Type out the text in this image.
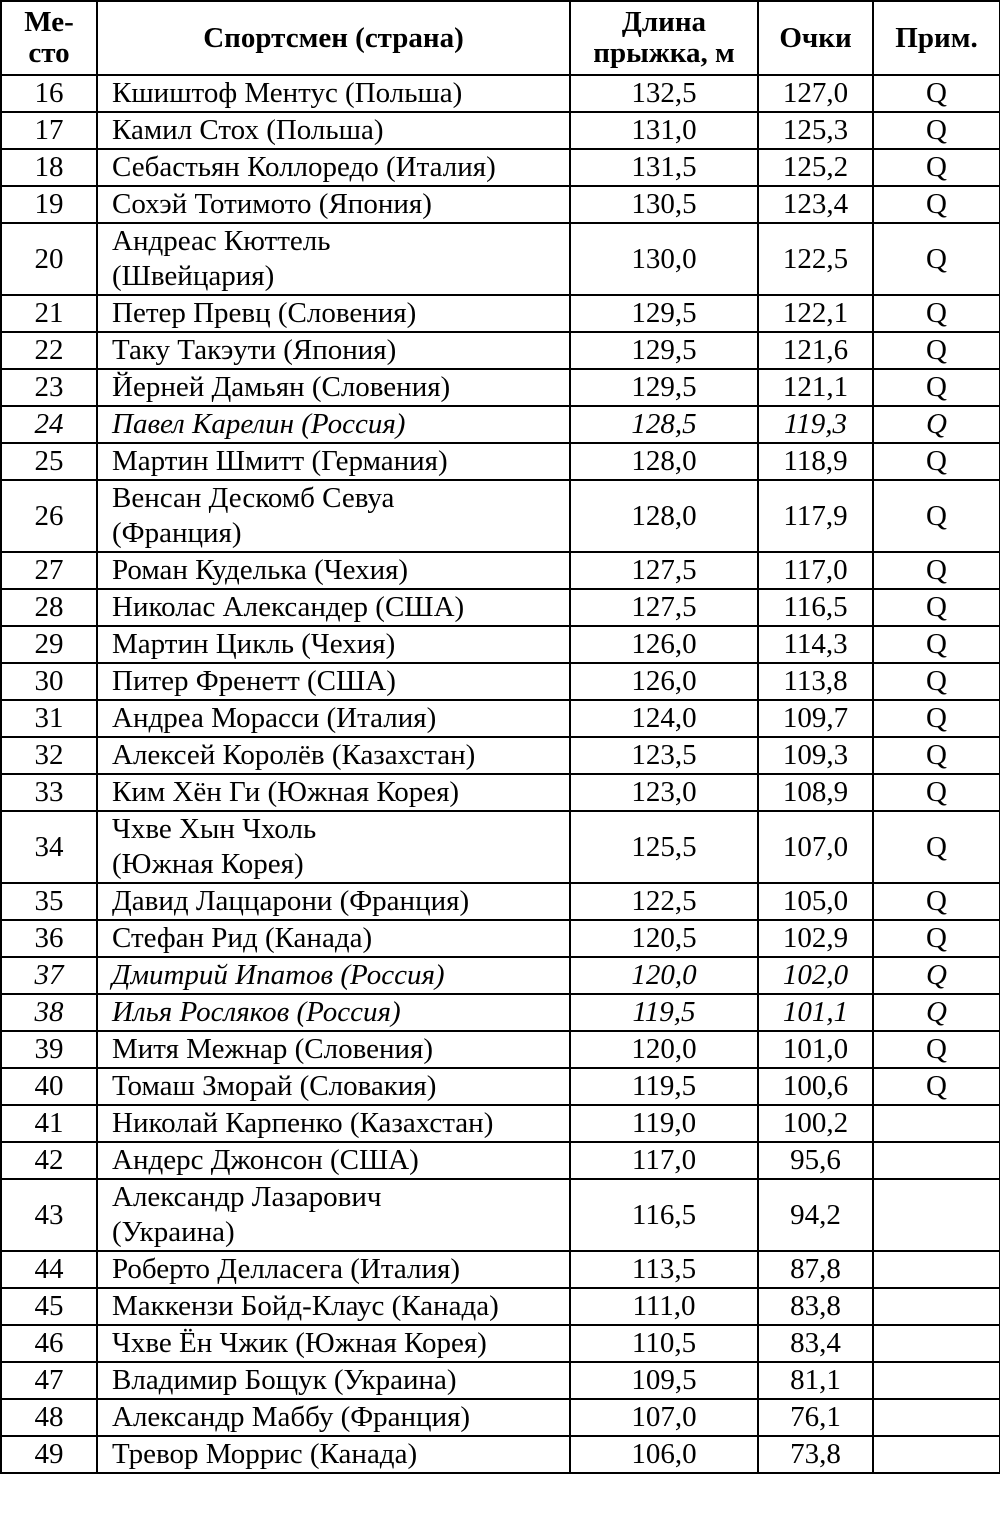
Ме-
сто	Спортсмен (страна)	Длина
прыжка, м	Очки	Прим.
16	Кшиштоф Ментус (Польша)	132,5	127,0	Q
17	Камил Стох (Польша)	131,0	125,3	Q
18	Себастьян Коллоредо (Италия)	131,5	125,2	Q
19	Сохэй Тотимото (Япония)	130,5	123,4	Q
20	Андреас Кюттель
(Швейцария)	130,0	122,5	Q
21	Петер Превц (Словения)	129,5	122,1	Q
22	Таку Такэути (Япония)	129,5	121,6	Q
23	Йерней Дамьян (Словения)	129,5	121,1	Q
24	Павел Карелин (Россия)	128,5	119,3	Q
25	Мартин Шмитт (Германия)	128,0	118,9	Q
26	Венсан Дескомб Севуа
(Франция)	128,0	117,9	Q
27	Роман Куделька (Чехия)	127,5	117,0	Q
28	Николас Александер (США)	127,5	116,5	Q
29	Мартин Цикль (Чехия)	126,0	114,3	Q
30	Питер Френетт (США)	126,0	113,8	Q
31	Андреа Морасси (Италия)	124,0	109,7	Q
32	Алексей Королёв (Казахстан)	123,5	109,3	Q
33	Ким Хён Ги (Южная Корея)	123,0	108,9	Q
34	Чхве Хын Чхоль
(Южная Корея)	125,5	107,0	Q
35	Давид Лаццарони (Франция)	122,5	105,0	Q
36	Стефан Рид (Канада)	120,5	102,9	Q
37	Дмитрий Ипатов (Россия)	120,0	102,0	Q
38	Илья Росляков (Россия)	119,5	101,1	Q
39	Митя Межнар (Словения)	120,0	101,0	Q
40	Томаш Зморай (Словакия)	119,5	100,6	Q
41	Николай Карпенко (Казахстан)	119,0	100,2	
42	Андерс Джонсон (США)	117,0	95,6	
43	Александр Лазарович
(Украина)	116,5	94,2	
44	Роберто Делласега (Италия)	113,5	87,8	
45	Маккензи Бойд-Клаус (Канада)	111,0	83,8	
46	Чхве Ён Чжик (Южная Корея)	110,5	83,4	
47	Владимир Бощук (Украина)	109,5	81,1	
48	Александр Маббу (Франция)	107,0	76,1	
49	Тревор Моррис (Канада)	106,0	73,8	
